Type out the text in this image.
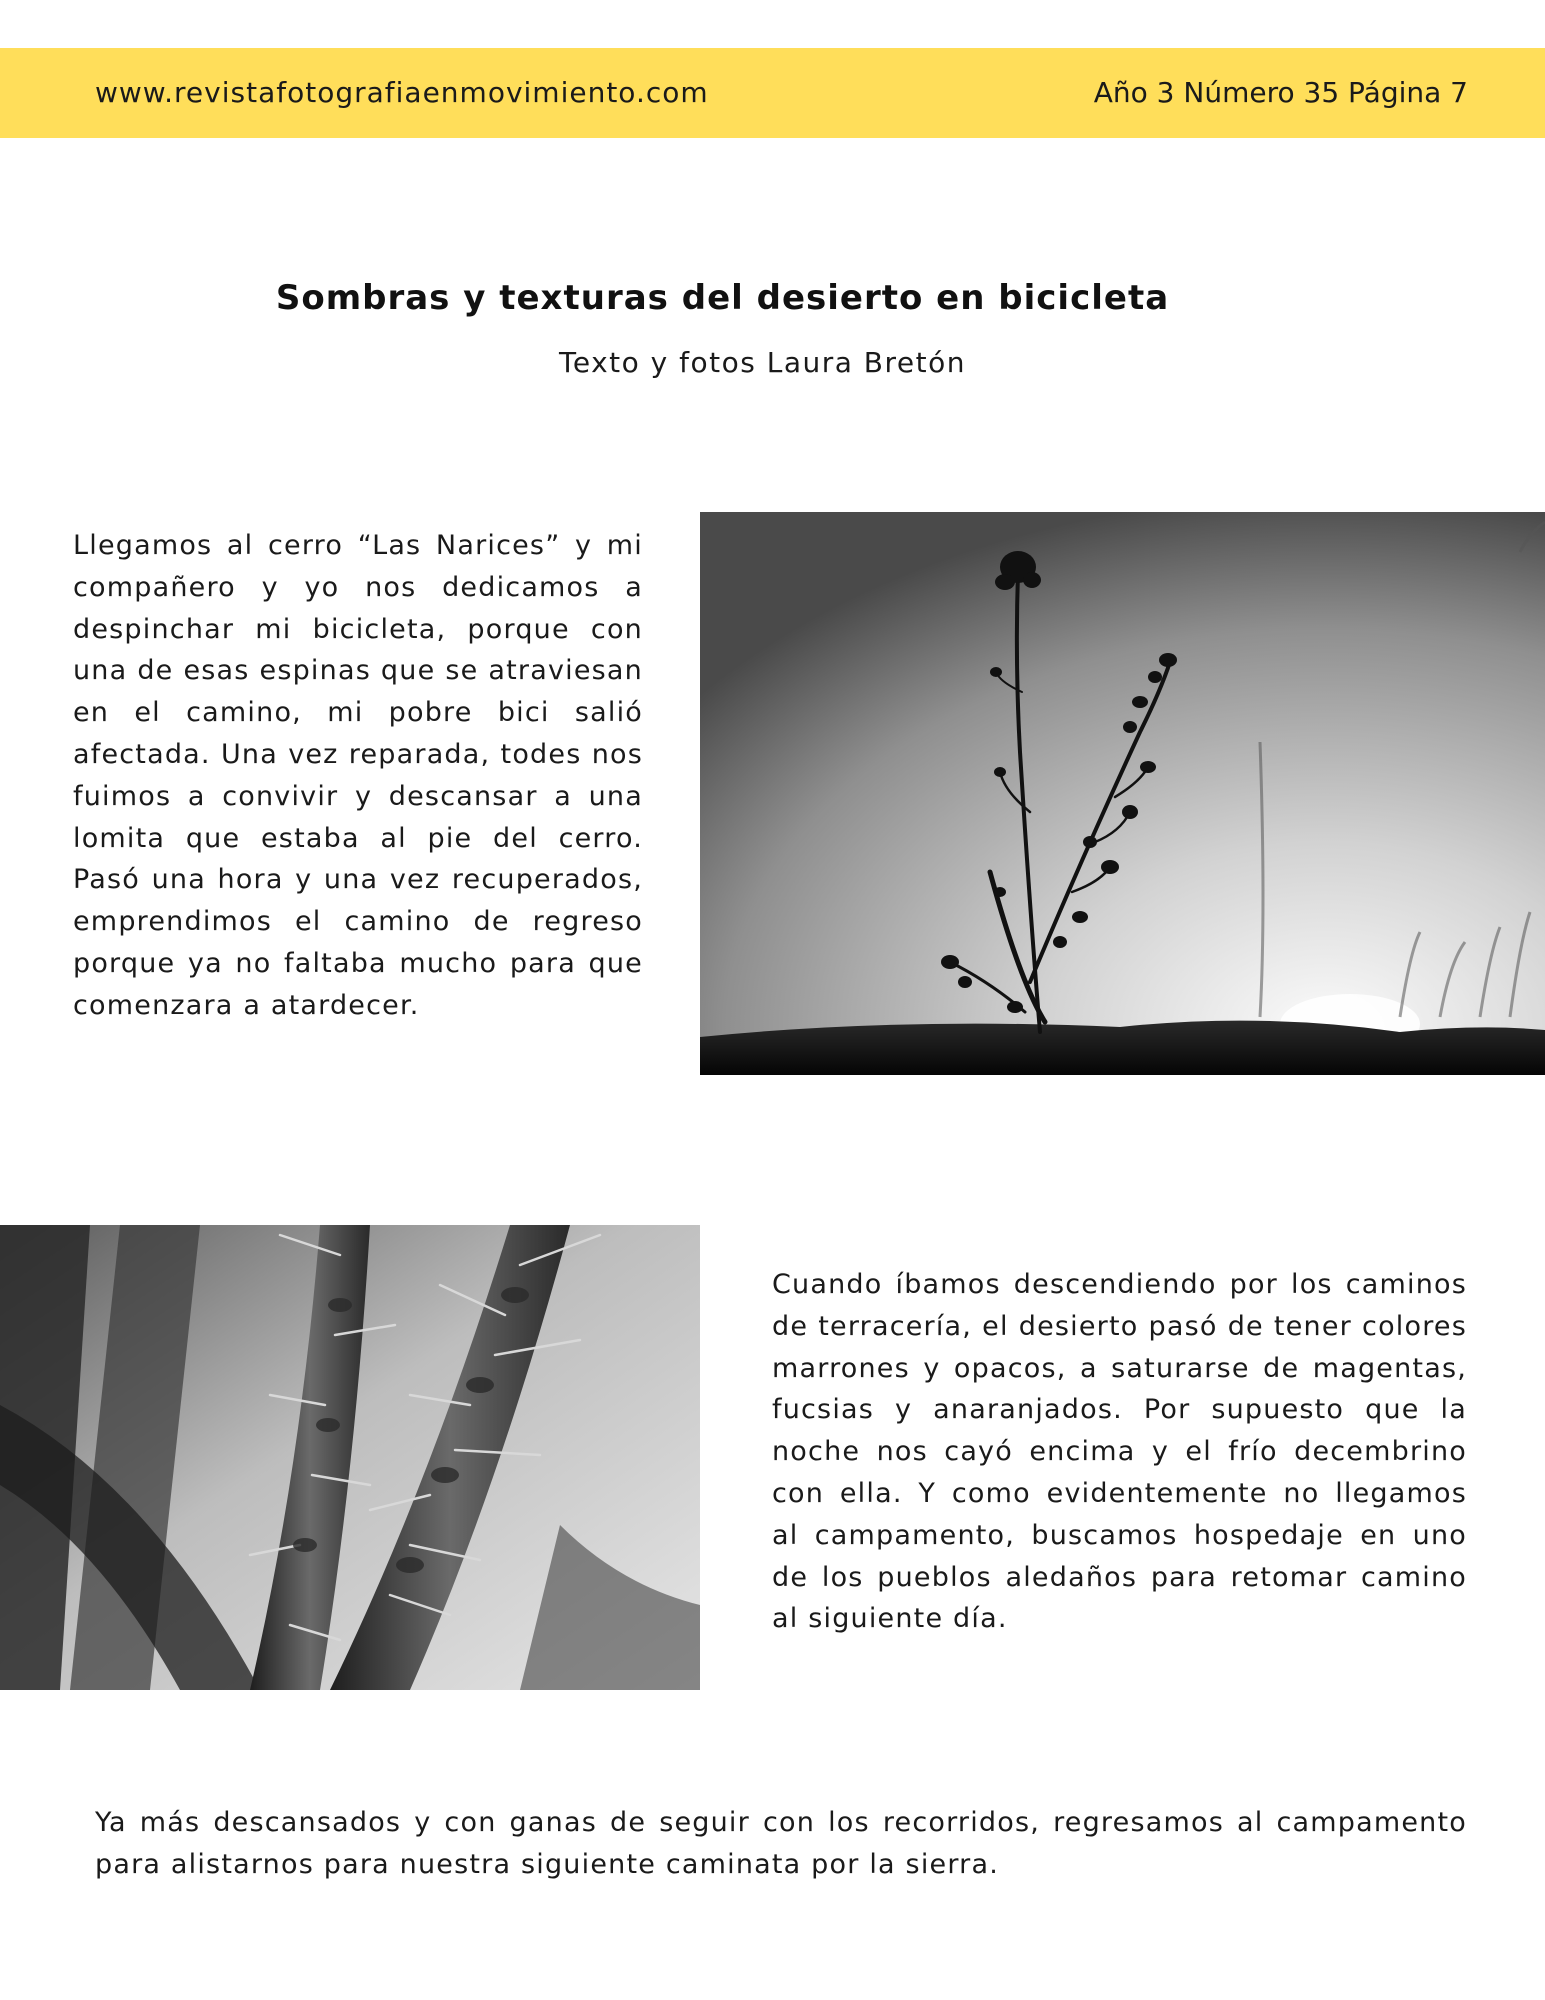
www.revistafotografiaenmovimiento.com	Año 3 Número 35 Página 7
Sombras y texturas del desierto en bicicleta
Texto y fotos Laura Bretón

Llegamos al cerro “Las Narices” y mi compañero y yo nos dedicamos a despinchar mi bicicleta, porque con una de esas espinas que se atraviesan en el camino, mi pobre bici salió afectada. Una vez reparada, todes nos fuimos a convivir y descansar a una lomita que estaba al pie del cerro. Pasó una hora y una vez recuperados, emprendimos el camino de regreso porque ya no faltaba mucho para que comenzara a atardecer.

Cuando íbamos descendiendo por los caminos de terracería, el desierto pasó de tener colores marrones y opacos, a saturarse de magentas, fucsias y anaranjados. Por supuesto que la noche nos cayó encima y el frío decembrino con ella. Y como evidentemente no llegamos al campamento, buscamos hospedaje en uno de los pueblos aledaños para retomar camino al siguiente día.

Ya más descansados y con ganas de seguir con los recorridos, regresamos al campamento para alistarnos para nuestra siguiente caminata por la sierra.
